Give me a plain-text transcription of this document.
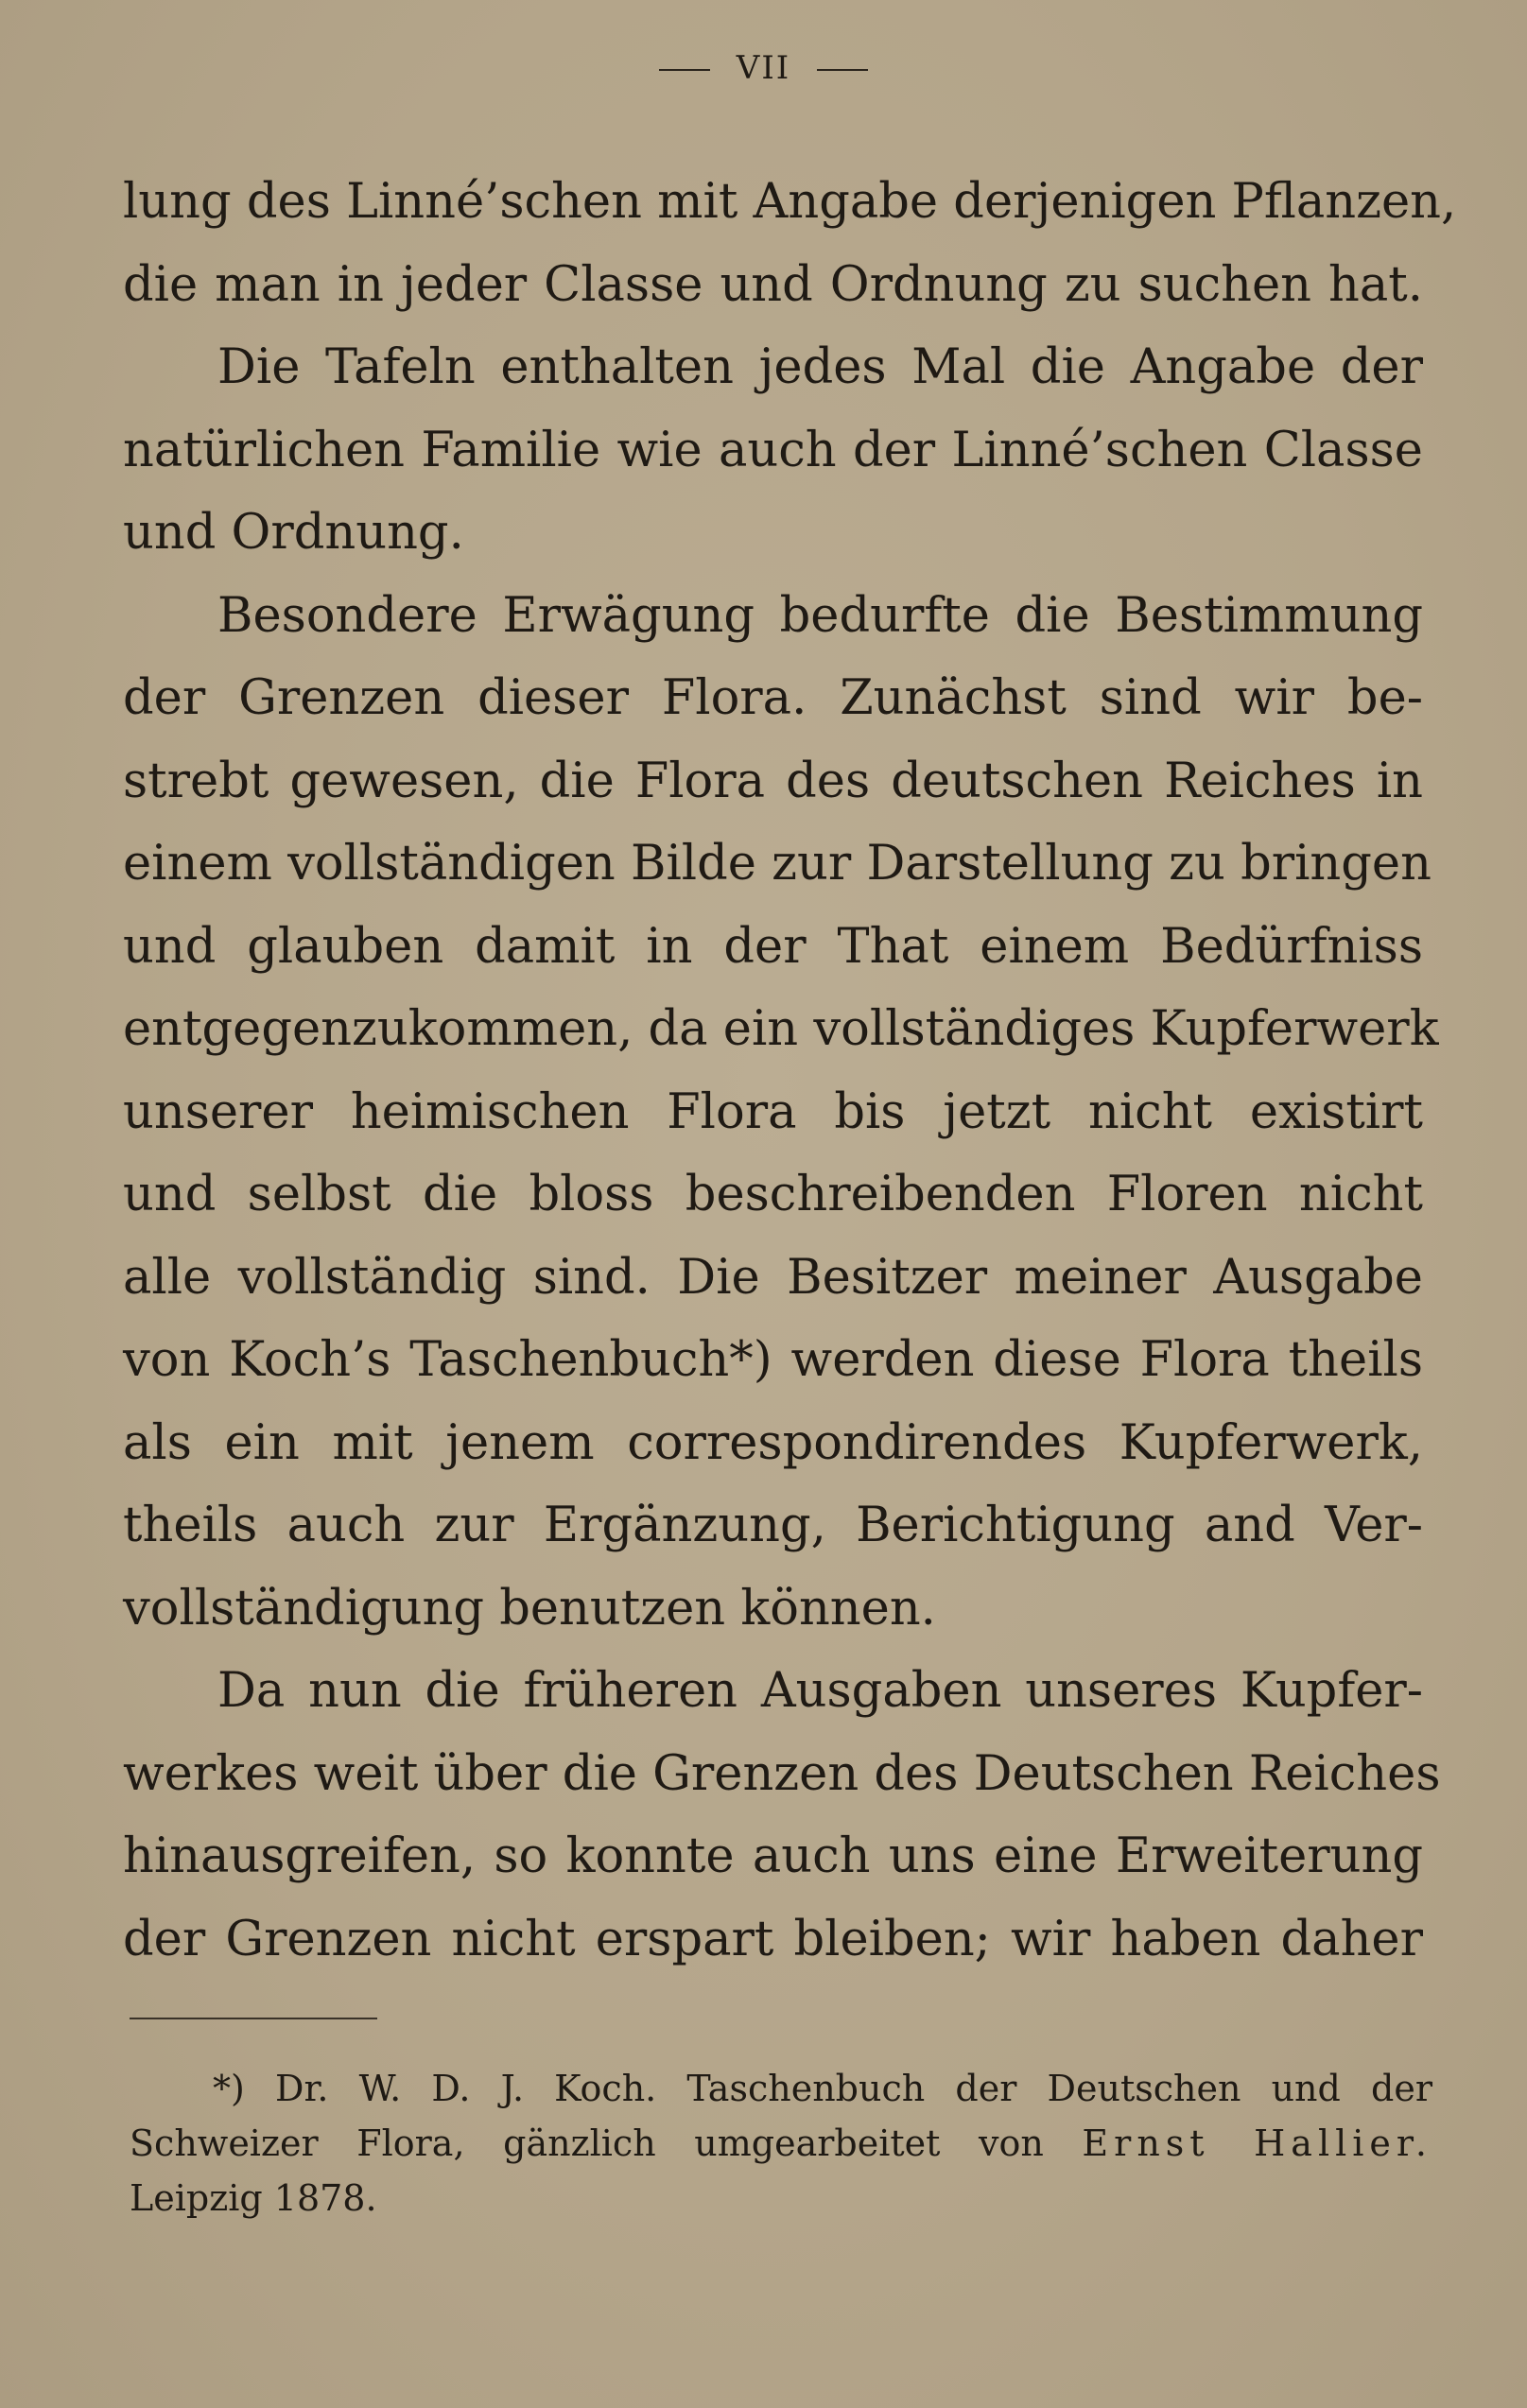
VII
lung des Linné’schen mit Angabe derjenigen Pflanzen,
die man in jeder Classe und Ordnung zu suchen hat.
Die Tafeln enthalten jedes Mal die Angabe der
natürlichen Familie wie auch der Linné’schen Classe
und Ordnung.
Besondere Erwägung bedurfte die Bestimmung
der Grenzen dieser Flora. Zunächst sind wir be-
strebt gewesen, die Flora des deutschen Reiches in
einem vollständigen Bilde zur Darstellung zu bringen
und glauben damit in der That einem Bedürfniss
entgegenzukommen, da ein vollständiges Kupferwerk
unserer heimischen Flora bis jetzt nicht existirt
und selbst die bloss beschreibenden Floren nicht
alle vollständig sind. Die Besitzer meiner Ausgabe
von Koch’s Taschenbuch*) werden diese Flora theils
als ein mit jenem correspondirendes Kupferwerk,
theils auch zur Ergänzung, Berichtigung and Ver-
vollständigung benutzen können.
Da nun die früheren Ausgaben unseres Kupfer-
werkes weit über die Grenzen des Deutschen Reiches
hinausgreifen, so konnte auch uns eine Erweiterung
der Grenzen nicht erspart bleiben; wir haben daher
*) Dr. W. D. J. Koch. Taschenbuch der Deutschen und der
Schweizer Flora, gänzlich umgearbeitet von Ernst Hallier.
Leipzig 1878.
